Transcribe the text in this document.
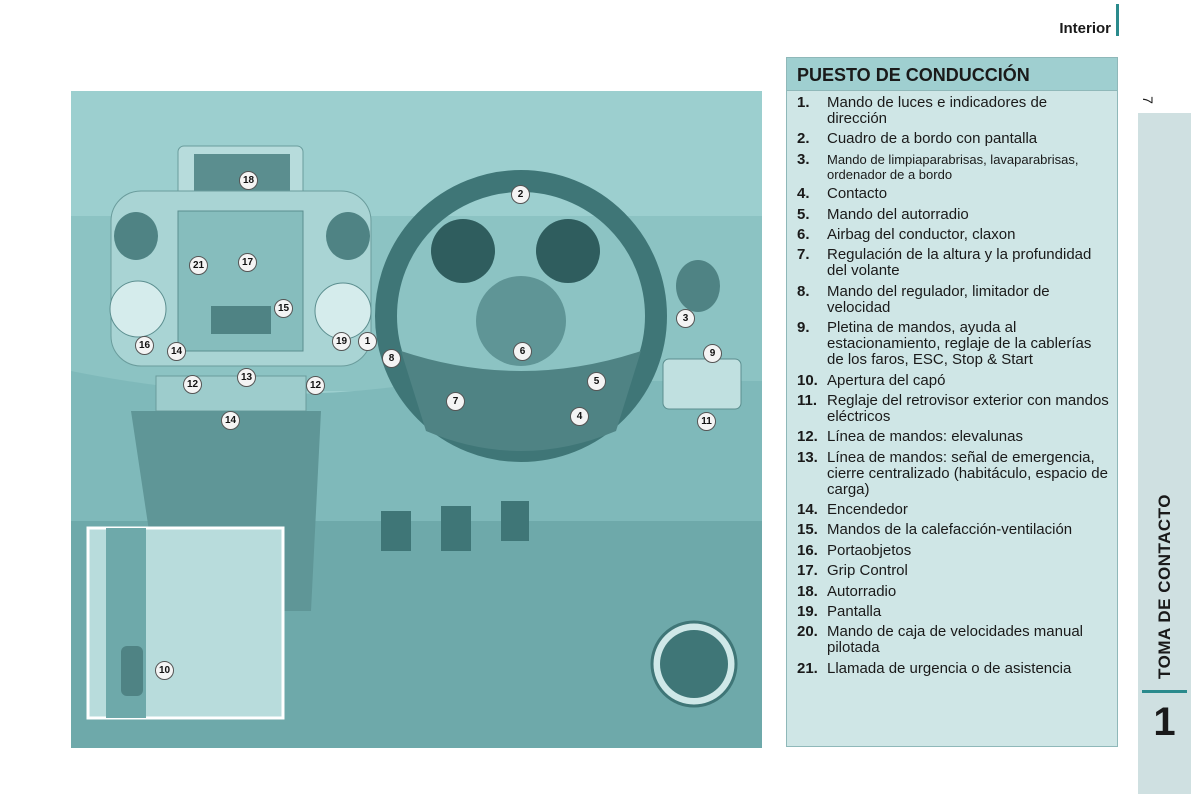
Interior
7
TOMA DE CONTACTO
1
18
2
21	17
15
3
16
14
19	1
6
8	9
13
12	12	5
7
4
14	11
10
PUESTO DE CONDUCCIÓN
1.	Mando de luces e indicadores de dirección
2.	Cuadro de a bordo con pantalla
3.	Mando de limpiaparabrisas, lavaparabrisas, ordenador de a bordo
4.	Contacto
5.	Mando del autorradio
6.	Airbag del conductor, claxon
7.	Regulación de la altura y la profundidad del volante
8.	Mando del regulador, limitador de velocidad
9.	Pletina de mandos, ayuda al estacionamiento, reglaje de la cablerías de los faros, ESC, Stop & Start
10. Apertura del capó
11. Reglaje del retrovisor exterior con mandos eléctricos
12. Línea de mandos: elevalunas
13. Línea de mandos: señal de emergencia, cierre centralizado (habitáculo, espacio de carga)
14. Encendedor
15. Mandos de la calefacción-ventilación
16. Portaobjetos
17. Grip Control
18. Autorradio
19. Pantalla
20. Mando de caja de velocidades manual pilotada
21. Llamada de urgencia o de asistencia
